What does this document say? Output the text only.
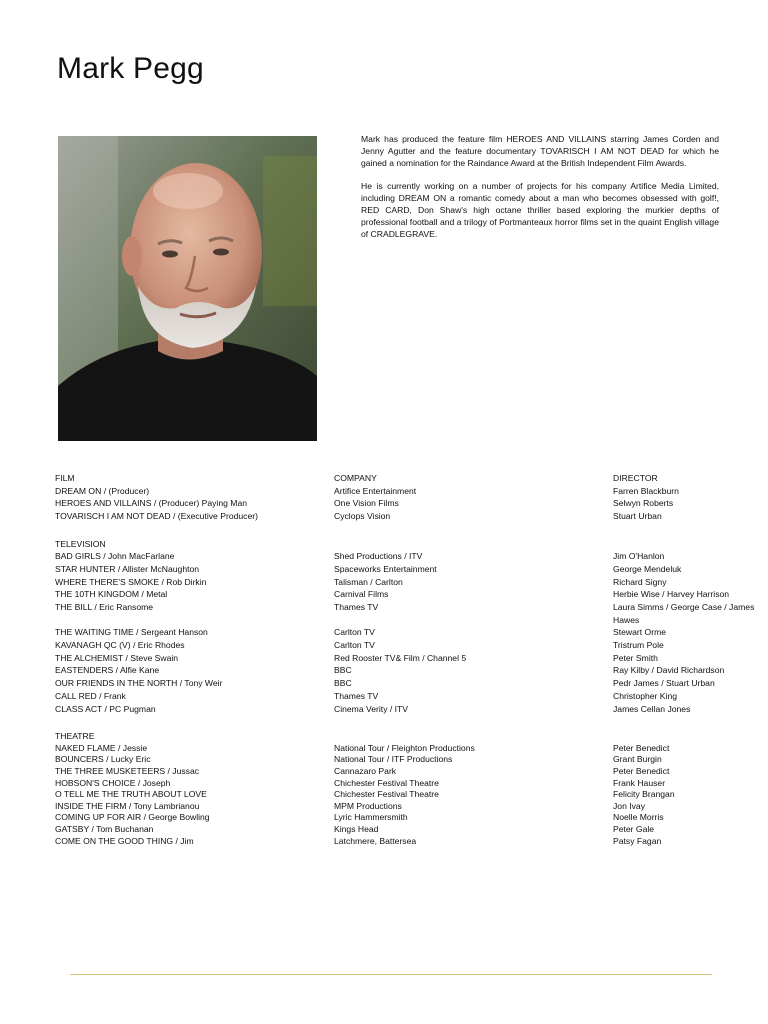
Mark Pegg

Mark has produced the feature film HEROES AND VILLAINS starring James Corden and Jenny Agutter and the feature documentary TOVARISCH I AM NOT DEAD for which he gained a nomination for the Raindance Award at the British Independent Film Awards.

He is currently working on a number of projects for his company Artifice Media Limited, including DREAM ON a romantic comedy about a man who becomes obsessed with golf!, RED CARD, Don Shaw's high octane thriller based exploring the murkier depths of professional football and a trilogy of Portmanteaux horror films set in the quaint English village of CRADLEGRAVE.

FILM	COMPANY	DIRECTOR
DREAM ON / (Producer)	Artifice Entertainment	Farren Blackburn
HEROES AND VILLAINS / (Producer) Paying Man	One Vision Films	Selwyn Roberts
TOVARISCH I AM NOT DEAD / (Executive Producer)	Cyclops Vision	Stuart Urban
TELEVISION
BAD GIRLS / John MacFarlane	Shed Productions / ITV	Jim O'Hanlon
STAR HUNTER / Allister McNaughton	Spaceworks Entertainment	George Mendeluk
WHERE THERE'S SMOKE / Rob Dirkin	Talisman / Carlton	Richard Signy
THE 10TH KINGDOM / Metal	Carnival Films	Herbie Wise / Harvey Harrison
THE BILL / Eric Ransome	Thames TV	Laura Simms / George Case / James Hawes
THE WAITING TIME / Sergeant Hanson	Carlton TV	Stewart Orme
KAVANAGH QC (V) / Eric Rhodes	Carlton TV	Tristrum Pole
THE ALCHEMIST / Steve Swain	Red Rooster TV& Film / Channel 5	Peter Smith
EASTENDERS / Alfie Kane	BBC	Ray Kilby / David Richardson
OUR FRIENDS IN THE NORTH / Tony Weir	BBC	Pedr James / Stuart Urban
CALL RED / Frank	Thames TV	Christopher King
CLASS ACT / PC Pugman	Cinema Verity / ITV	James Cellan Jones
THEATRE
NAKED FLAME / Jessie	National Tour / Fleighton Productions	Peter Benedict
BOUNCERS / Lucky Eric	National Tour / ITF Productions	Grant Burgin
THE THREE MUSKETEERS / Jussac	Cannazaro Park	Peter Benedict
HOBSON'S CHOICE / Joseph	Chichester Festival Theatre	Frank Hauser
O TELL ME THE TRUTH ABOUT LOVE	Chichester Festival Theatre	Felicity Brangan
INSIDE THE FIRM / Tony Lambrianou	MPM Productions	Jon Ivay
COMING UP FOR AIR / George Bowling	Lyric Hammersmith	Noelle Morris
GATSBY / Tom Buchanan	Kings Head	Peter Gale
COME ON THE GOOD THING / Jim	Latchmere, Battersea	Patsy Fagan
